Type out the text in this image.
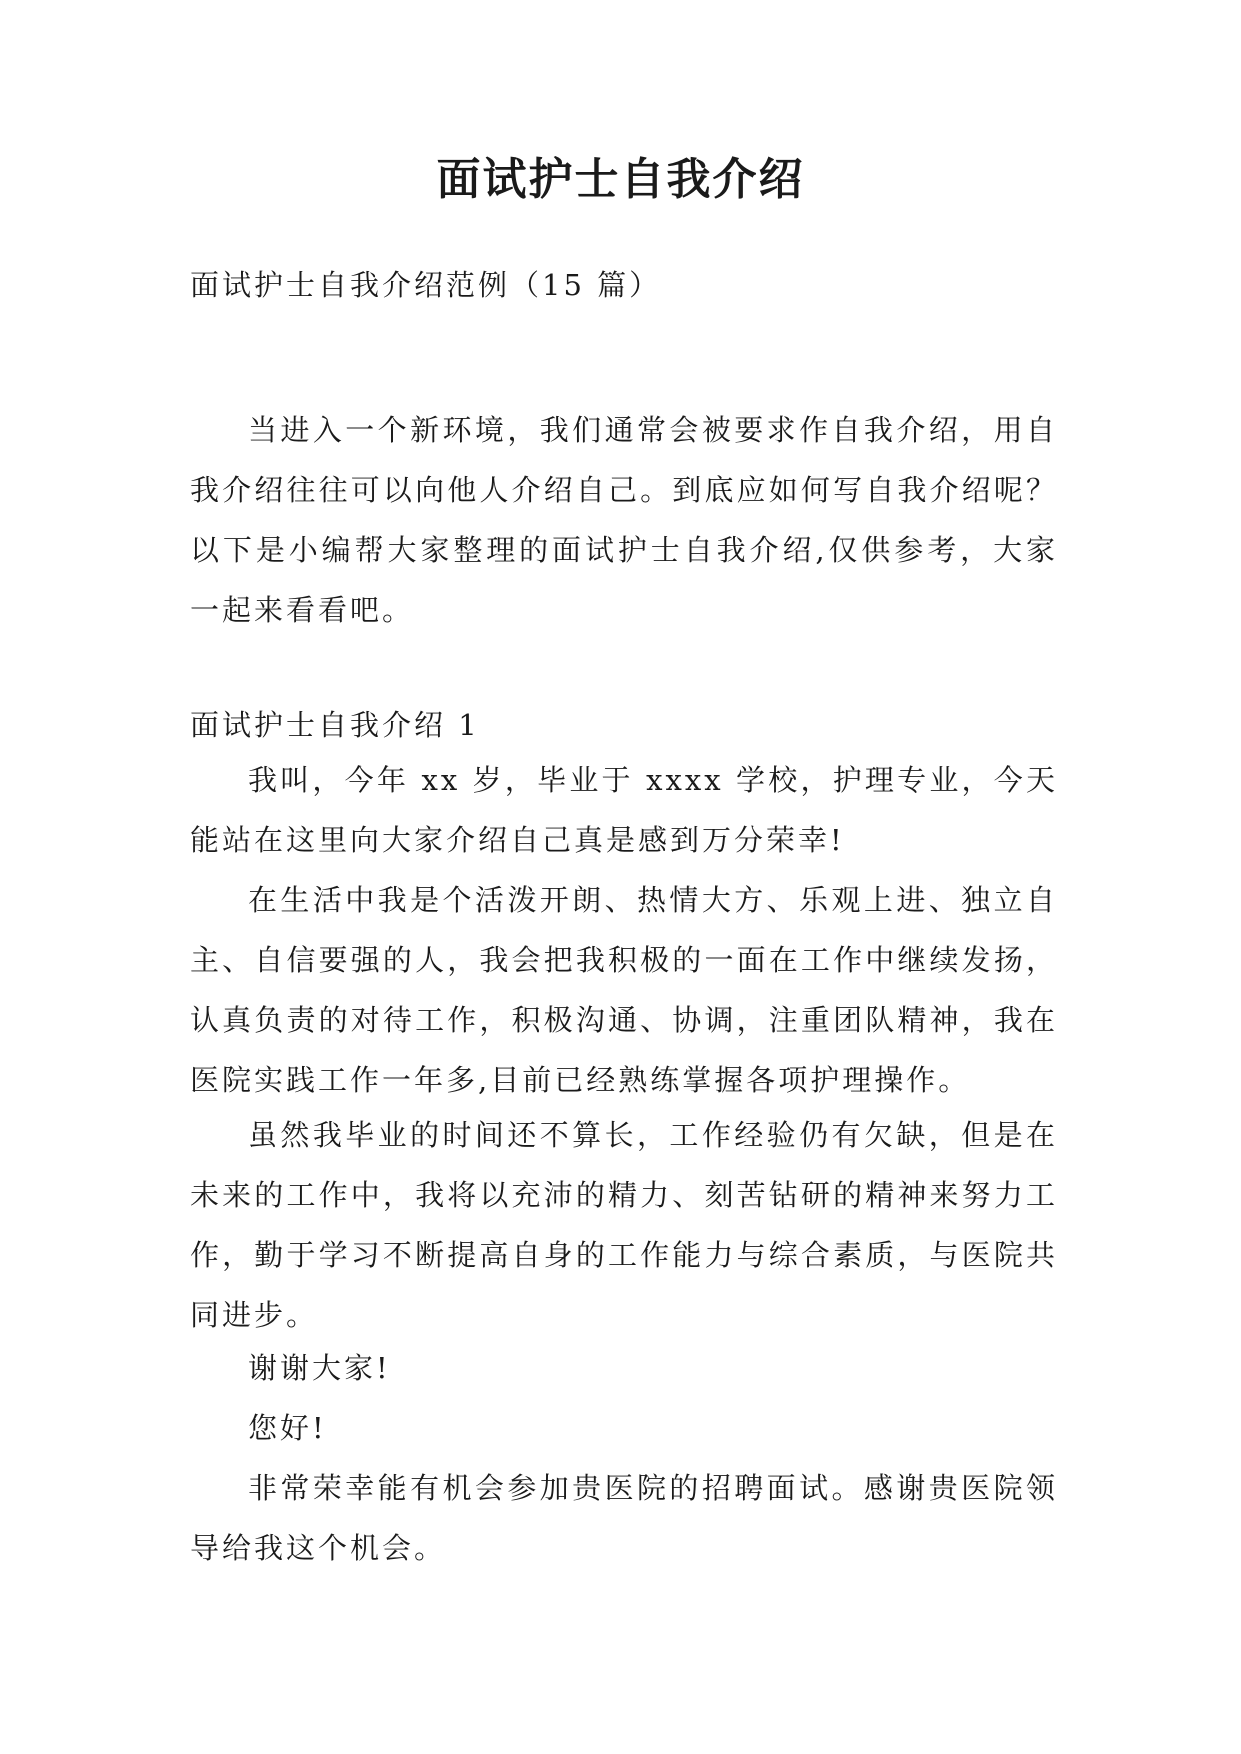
面试护士自我介绍

面试护士自我介绍范例（15 篇）

当进入一个新环境，我们通常会被要求作自我介绍，用自我介绍往往可以向他人介绍自己。到底应如何写自我介绍呢？以下是小编帮大家整理的面试护士自我介绍,仅供参考，大家一起来看看吧。

面试护士自我介绍 1

我叫，今年 xx 岁，毕业于 xxxx 学校，护理专业，今天能站在这里向大家介绍自己真是感到万分荣幸!

在生活中我是个活泼开朗、热情大方、乐观上进、独立自主、自信要强的人，我会把我积极的一面在工作中继续发扬，认真负责的对待工作，积极沟通、协调，注重团队精神，我在医院实践工作一年多,目前已经熟练掌握各项护理操作。

虽然我毕业的时间还不算长，工作经验仍有欠缺，但是在未来的工作中，我将以充沛的精力、刻苦钻研的精神来努力工作，勤于学习不断提高自身的工作能力与综合素质，与医院共同进步。

谢谢大家!

您好!

非常荣幸能有机会参加贵医院的招聘面试。感谢贵医院领导给我这个机会。
